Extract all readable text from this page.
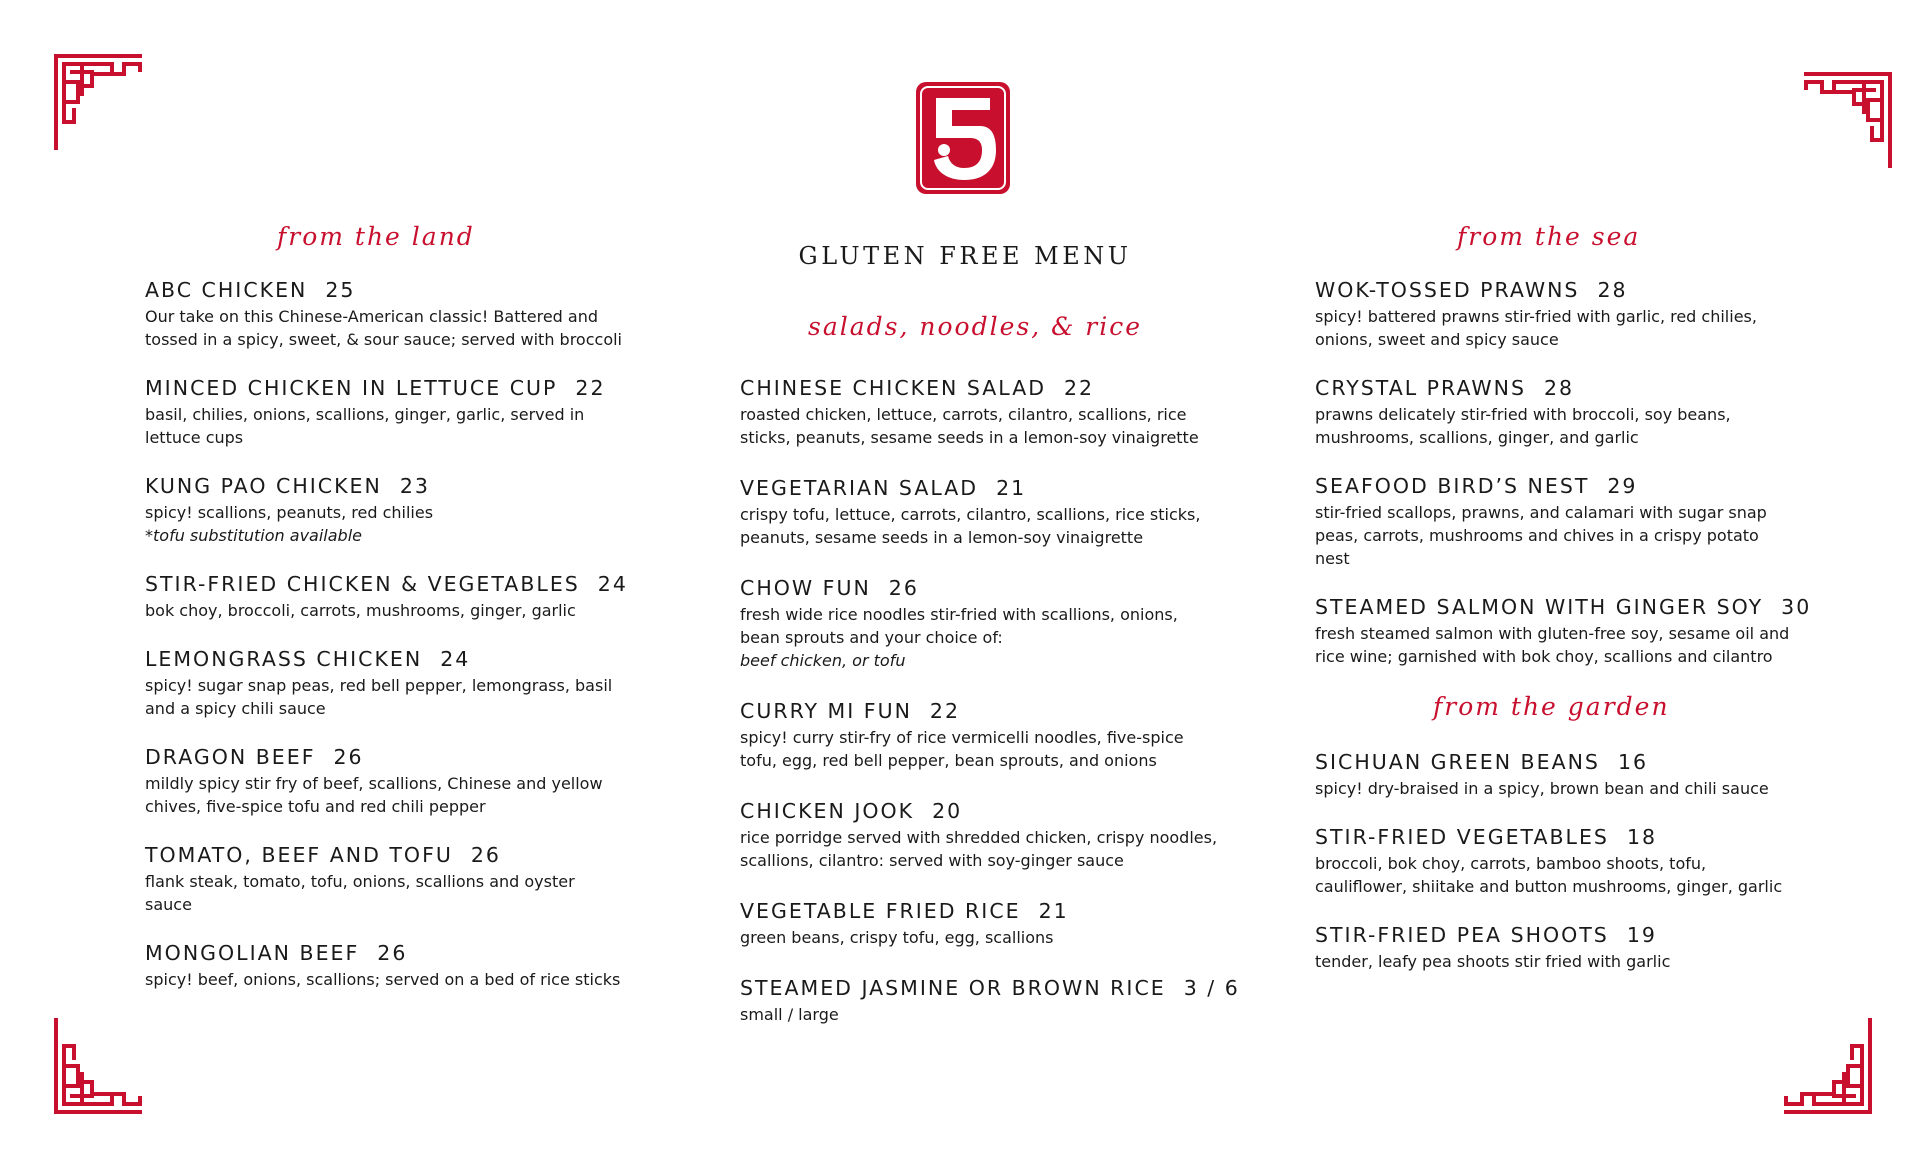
GLUTEN FREE MENU
from the land
ABC CHICKEN 25
Our take on this Chinese-American classic! Battered and tossed in a spicy, sweet, & sour sauce; served with broccoli
MINCED CHICKEN IN LETTUCE CUP 22
basil, chilies, onions, scallions, ginger, garlic, served in lettuce cups
KUNG PAO CHICKEN 23
spicy! scallions, peanuts, red chilies
*tofu substitution available
STIR-FRIED CHICKEN & VEGETABLES 24
bok choy, broccoli, carrots, mushrooms, ginger, garlic
LEMONGRASS CHICKEN 24
spicy! sugar snap peas, red bell pepper, lemongrass, basil and a spicy chili sauce
DRAGON BEEF 26
mildly spicy stir fry of beef, scallions, Chinese and yellow chives, five-spice tofu and red chili pepper
TOMATO, BEEF AND TOFU 26
flank steak, tomato, tofu, onions, scallions and oyster sauce
MONGOLIAN BEEF 26
spicy! beef, onions, scallions; served on a bed of rice sticks
salads, noodles, & rice
CHINESE CHICKEN SALAD 22
roasted chicken, lettuce, carrots, cilantro, scallions, rice sticks, peanuts, sesame seeds in a lemon-soy vinaigrette
VEGETARIAN SALAD 21
crispy tofu, lettuce, carrots, cilantro, scallions, rice sticks, peanuts, sesame seeds in a lemon-soy vinaigrette
CHOW FUN 26
fresh wide rice noodles stir-fried with scallions, onions, bean sprouts and your choice of:
beef chicken, or tofu
CURRY MI FUN 22
spicy! curry stir-fry of rice vermicelli noodles, five-spice tofu, egg, red bell pepper, bean sprouts, and onions
CHICKEN JOOK 20
rice porridge served with shredded chicken, crispy noodles, scallions, cilantro: served with soy-ginger sauce
VEGETABLE FRIED RICE 21
green beans, crispy tofu, egg, scallions
STEAMED JASMINE OR BROWN RICE 3 / 6
small / large
from the sea
WOK-TOSSED PRAWNS 28
spicy! battered prawns stir-fried with garlic, red chilies, onions, sweet and spicy sauce
CRYSTAL PRAWNS 28
prawns delicately stir-fried with broccoli, soy beans, mushrooms, scallions, ginger, and garlic
SEAFOOD BIRD’S NEST 29
stir-fried scallops, prawns, and calamari with sugar snap peas, carrots, mushrooms and chives in a crispy potato nest
STEAMED SALMON WITH GINGER SOY 30
fresh steamed salmon with gluten-free soy, sesame oil and rice wine; garnished with bok choy, scallions and cilantro
from the garden
SICHUAN GREEN BEANS 16
spicy! dry-braised in a spicy, brown bean and chili sauce
STIR-FRIED VEGETABLES 18
broccoli, bok choy, carrots, bamboo shoots, tofu, cauliflower, shiitake and button mushrooms, ginger, garlic
STIR-FRIED PEA SHOOTS 19
tender, leafy pea shoots stir fried with garlic
